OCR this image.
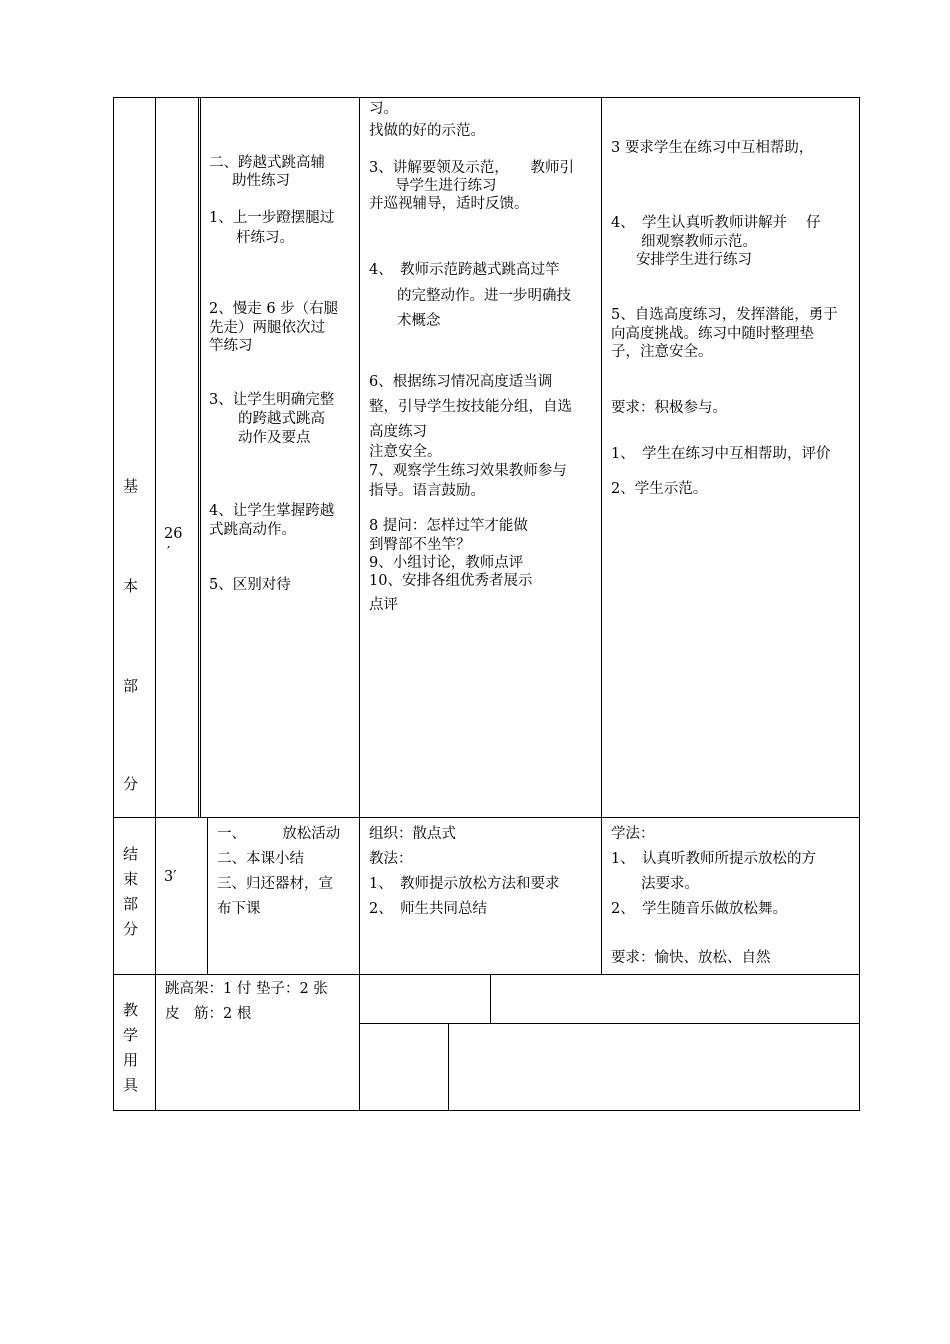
基
本
部
分
26
′
二、跨越式跳高辅
助性练习
1、上一步蹬摆腿过
杆练习。
2、慢走 6 步（右腿
先走）两腿依次过
竿练习
3、让学生明确完整
的跨越式跳高
动作及要点
4、让学生掌握跨越
式跳高动作。
5、区别对待
习。
找做的好的示范。
3、讲解要领及示范，　　教师引
导学生进行练习
并巡视辅导，适时反馈。
4、　教师示范跨越式跳高过竿
的完整动作。进一步明确技
术概念
6、根据练习情况高度适当调
整，引导学生按技能分组，自选
高度练习
注意安全。
7、观察学生练习效果教师参与
指导。语言鼓励。
8 提问：怎样过竿才能做
到臀部不坐竿？
9、小组讨论，教师点评
10、安排各组优秀者展示
点评
3 要求学生在练习中互相帮助，
4、　学生认真听教师讲解并　 仔
细观察教师示范。
安排学生进行练习
5、自选高度练习，发挥潜能，勇于
向高度挑战。练习中随时整理垫
子，注意安全。
要求：积极参与。
1、　学生在练习中互相帮助，评价
2、学生示范。
结
束
部
分
3′
一、　　　放松活动
二、本课小结
三、归还器材，宣
布下课
组织：散点式
教法：
1、　教师提示放松方法和要求
2、　师生共同总结
学法：
1、　认真听教师所提示放松的方
法要求。
2、　学生随音乐做放松舞。
要求：愉快、放松、自然
教
学
用
具
跳高架：1 付 垫子：2 张
皮　筋：2 根
